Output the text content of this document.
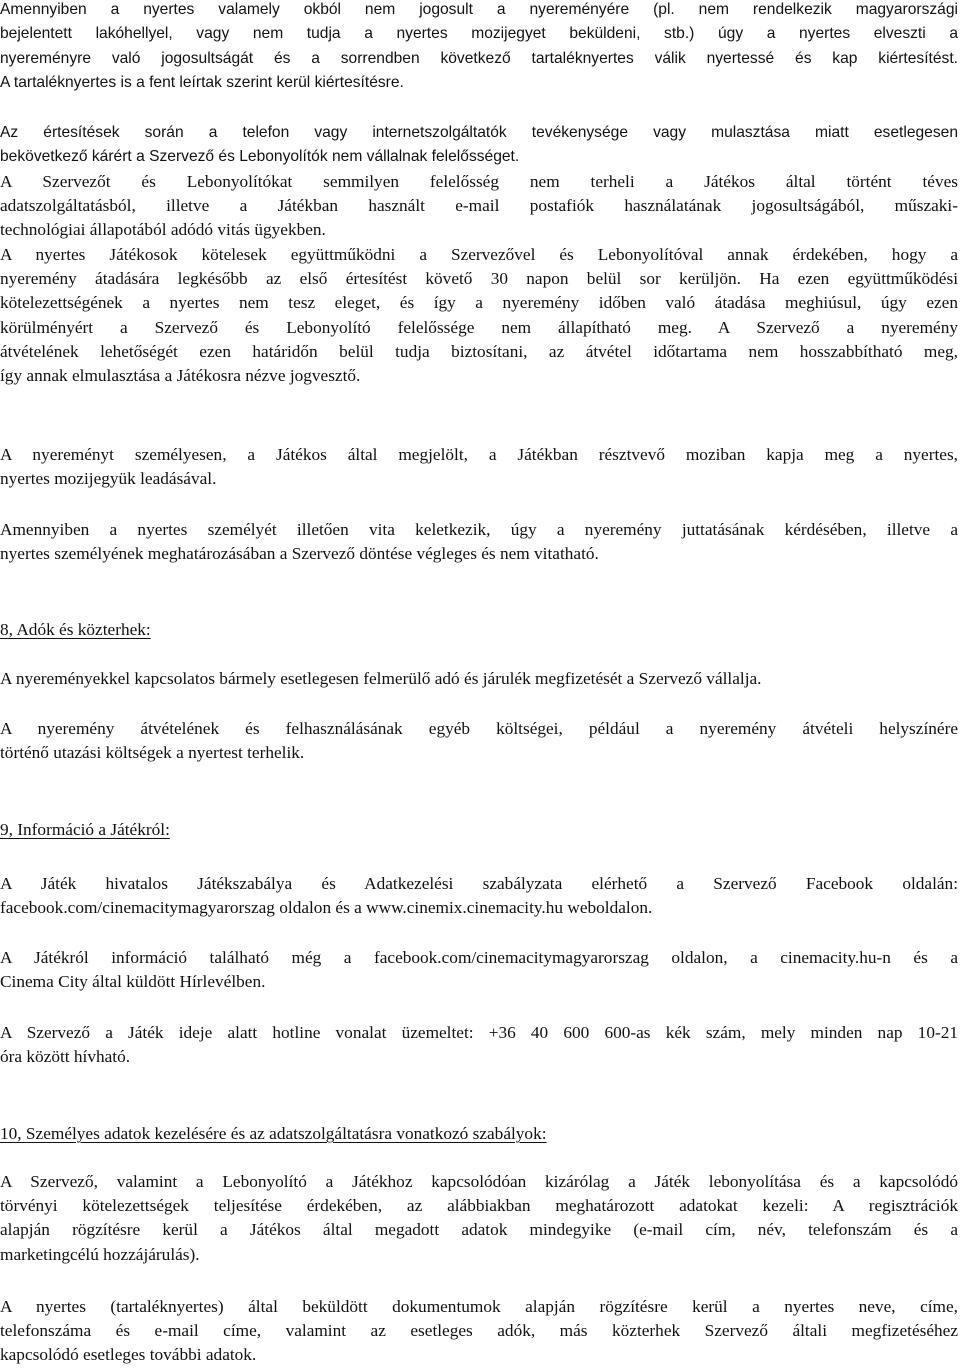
Amennyiben a nyertes valamely okból nem jogosult a nyereményére (pl. nem rendelkezik magyarországi
bejelentett lakóhellyel, vagy nem tudja a nyertes mozijegyet beküldeni, stb.) úgy a nyertes elveszti a
nyereményre való jogosultságát és a sorrendben következő tartaléknyertes válik nyertessé és kap kiértesítést.
A tartaléknyertes is a fent leírtak szerint kerül kiértesítésre.
Az értesítések során a telefon vagy internetszolgáltatók tevékenysége vagy mulasztása miatt esetlegesen
bekövetkező kárért a Szervező és Lebonyolítók nem vállalnak felelősséget.
A Szervezőt és Lebonyolítókat semmilyen felelősség nem terheli a Játékos által történt téves
adatszolgáltatásból, illetve a Játékban használt e-mail postafiók használatának jogosultságából, műszaki-
technológiai állapotából adódó vitás ügyekben.
A nyertes Játékosok kötelesek együttműködni a Szervezővel és Lebonyolítóval annak érdekében, hogy a
nyeremény átadására legkésőbb az első értesítést követő 30 napon belül sor kerüljön. Ha ezen együttműködési
kötelezettségének a nyertes nem tesz eleget, és így a nyeremény időben való átadása meghiúsul, úgy ezen
körülményért a Szervező és Lebonyolító felelőssége nem állapítható meg. A Szervező a nyeremény
átvételének lehetőségét ezen határidőn belül tudja biztosítani, az átvétel időtartama nem hosszabbítható meg,
így annak elmulasztása a Játékosra nézve jogvesztő.
A nyereményt személyesen, a Játékos által megjelölt, a Játékban résztvevő moziban kapja meg a nyertes,
nyertes mozijegyük leadásával.
Amennyiben a nyertes személyét illetően vita keletkezik, úgy a nyeremény juttatásának kérdésében, illetve a
nyertes személyének meghatározásában a Szervező döntése végleges és nem vitatható.
8, Adók és közterhek:
A nyereményekkel kapcsolatos bármely esetlegesen felmerülő adó és járulék megfizetését a Szervező vállalja.
A nyeremény átvételének és felhasználásának egyéb költségei, például a nyeremény átvételi helyszínére
történő utazási költségek a nyertest terhelik.
9, Információ a Játékról:
A Játék hivatalos Játékszabálya és Adatkezelési szabályzata elérhető a Szervező Facebook oldalán:
facebook.com/cinemacitymagyarorszag oldalon és a www.cinemix.cinemacity.hu weboldalon.
A Játékról információ található még a facebook.com/cinemacitymagyarorszag oldalon, a cinemacity.hu-n és a
Cinema City által küldött Hírlevélben.
A Szervező a Játék ideje alatt hotline vonalat üzemeltet: +36 40 600 600-as kék szám, mely minden nap 10-21
óra között hívható.
10, Személyes adatok kezelésére és az adatszolgáltatásra vonatkozó szabályok:
A Szervező, valamint a Lebonyolító a Játékhoz kapcsolódóan kizárólag a Játék lebonyolítása és a kapcsolódó
törvényi kötelezettségek teljesítése érdekében, az alábbiakban meghatározott adatokat kezeli: A regisztrációk
alapján rögzítésre kerül a Játékos által megadott adatok mindegyike (e-mail cím, név, telefonszám és a
marketingcélú hozzájárulás).
A nyertes (tartaléknyertes) által beküldött dokumentumok alapján rögzítésre kerül a nyertes neve, címe,
telefonszáma és e-mail címe, valamint az esetleges adók, más közterhek Szervező általi megfizetéséhez
kapcsolódó esetleges további adatok.
